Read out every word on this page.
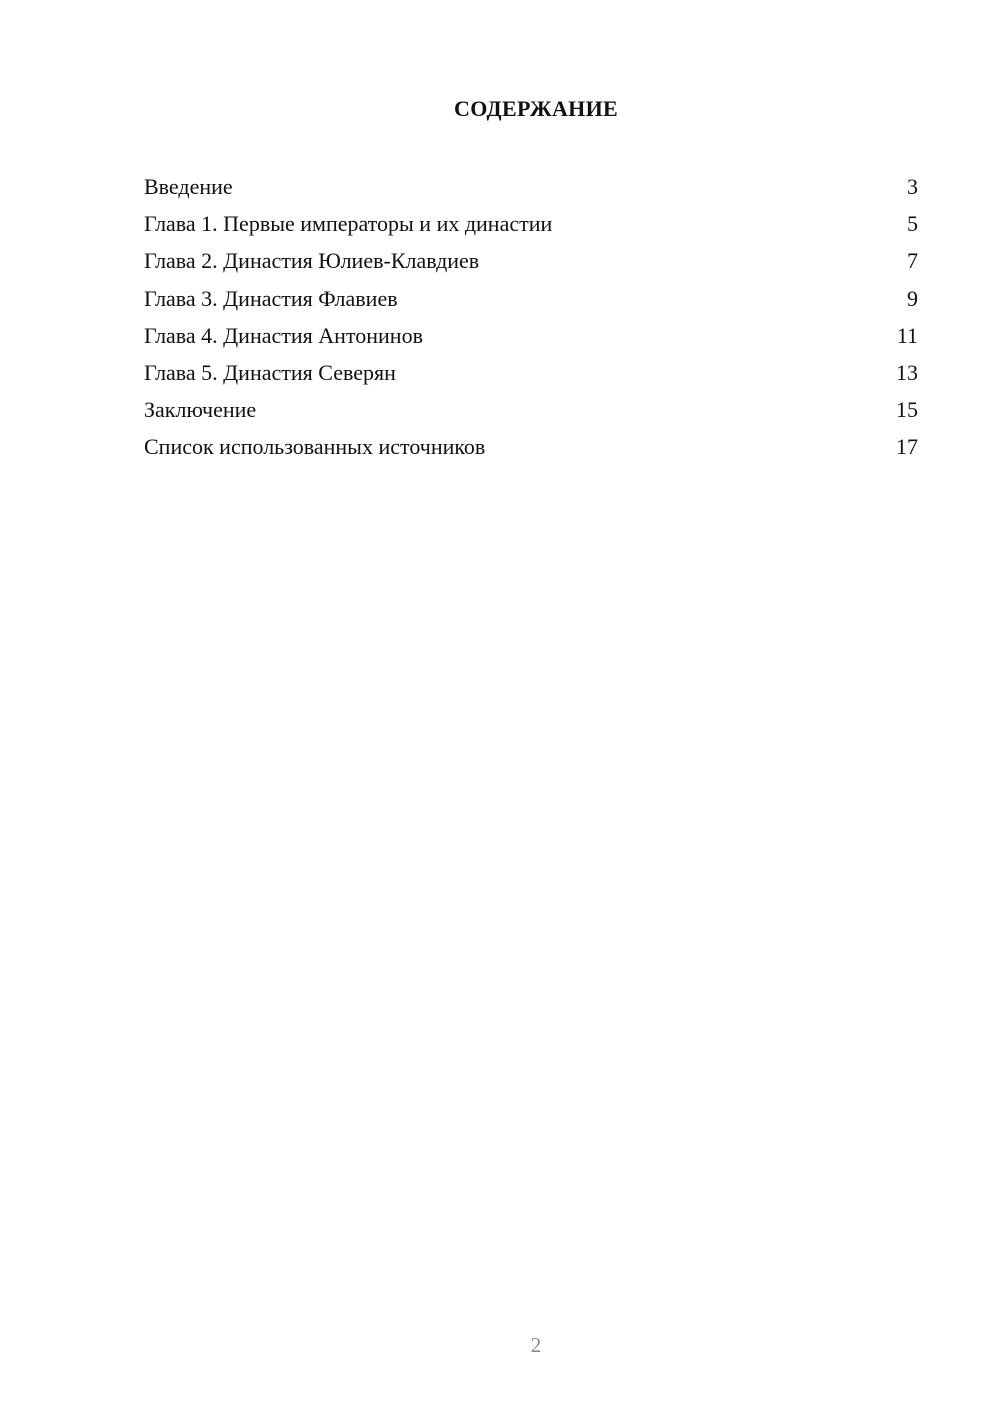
СОДЕРЖАНИЕ
Введение	3
Глава 1. Первые императоры и их династии	5
Глава 2. Династия Юлиев-Клавдиев	7
Глава 3. Династия Флавиев	9
Глава 4. Династия Антонинов	11
Глава 5. Династия Северян	13
Заключение	15
Список использованных источников	17
2
